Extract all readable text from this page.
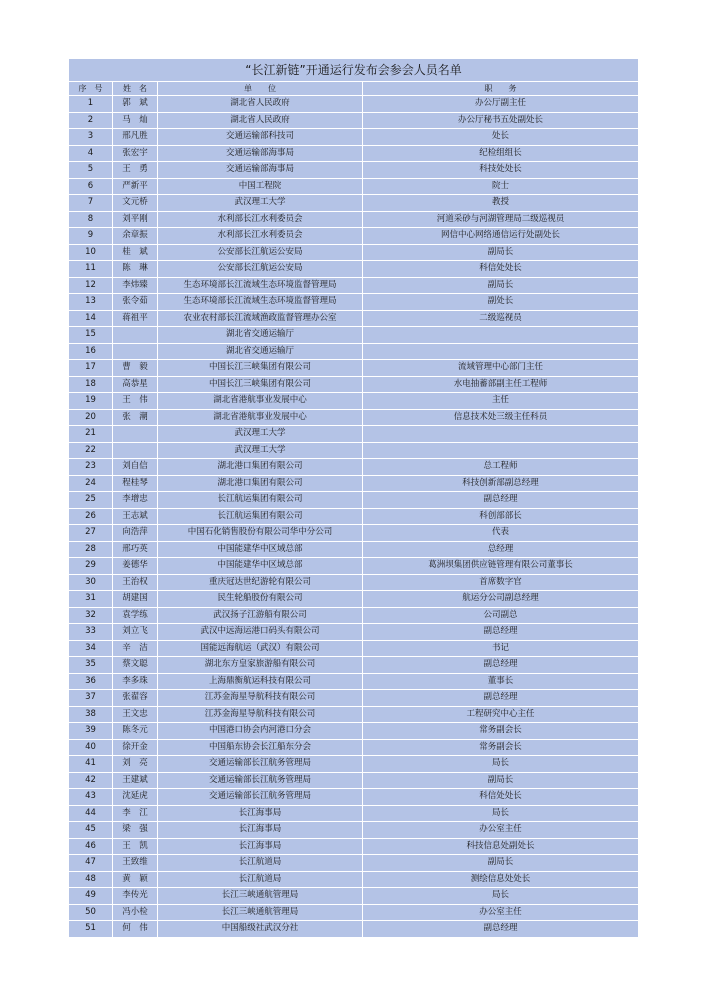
“长江新链”开通运行发布会参会人员名单			
序　号	姓　名	单　　位	职　　务
1	郭　斌	湖北省人民政府	办公厅副主任
2	马　灿	湖北省人民政府	办公厅秘书五处副处长
3	邢凡胜	交通运输部科技司	处长
4	张宏宇	交通运输部海事局	纪检组组长
5	王　勇	交通运输部海事局	科技处处长
6	严新平	中国工程院	院士
7	文元桥	武汉理工大学	教授
8	刘平刚	水利部长江水利委员会	河道采砂与河湖管理局二级巡视员
9	余章振	水利部长江水利委员会	网信中心网络通信运行处副处长
10	桂　斌	公安部长江航运公安局	副局长
11	陈　琳	公安部长江航运公安局	科信处处长
12	李炜臻	生态环境部长江流域生态环境监督管理局	副局长
13	张令茹	生态环境部长江流域生态环境监督管理局	副处长
14	蒋祖平	农业农村部长江流域渔政监督管理办公室	二级巡视员
15		湖北省交通运输厅	
16		湖北省交通运输厅	
17	曹　毅	中国长江三峡集团有限公司	流域管理中心部门主任
18	高恭星	中国长江三峡集团有限公司	水电抽蓄部副主任工程师
19	王　伟	湖北省港航事业发展中心	主任
20	张　潮	湖北省港航事业发展中心	信息技术处三级主任科员
21		武汉理工大学	
22		武汉理工大学	
23	刘自信	湖北港口集团有限公司	总工程师
24	程桂琴	湖北港口集团有限公司	科技创新部副总经理
25	李增忠	长江航运集团有限公司	副总经理
26	王志斌	长江航运集团有限公司	科创部部长
27	向浩萍	中国石化销售股份有限公司华中分公司	代表
28	邢巧英	中国能建华中区域总部	总经理
29	姜德华	中国能建华中区域总部	葛洲坝集团供应链管理有限公司董事长
30	王治权	重庆冠达世纪游轮有限公司	首席数字官
31	胡建国	民生轮船股份有限公司	航运分公司副总经理
32	袁学练	武汉扬子江游船有限公司	公司副总
33	刘立飞	武汉中远海运港口码头有限公司	副总经理
34	辛　洁	国能远海航运（武汉）有限公司	书记
35	蔡文聪	湖北东方皇家旅游船有限公司	副总经理
36	李多珠	上海鼎衡航运科技有限公司	董事长
37	张翟容	江苏金海星导航科技有限公司	副总经理
38	王文忠	江苏金海星导航科技有限公司	工程研究中心主任
39	陈冬元	中国港口协会内河港口分会	常务副会长
40	徐开金	中国船东协会长江船东分会	常务副会长
41	刘　亮	交通运输部长江航务管理局	局长
42	王建斌	交通运输部长江航务管理局	副局长
43	沈延虎	交通运输部长江航务管理局	科信处处长
44	李　江	长江海事局	局长
45	梁　强	长江海事局	办公室主任
46	王　凯	长江海事局	科技信息处副处长
47	王致维	长江航道局	副局长
48	黄　颖	长江航道局	测绘信息处处长
49	李传光	长江三峡通航管理局	局长
50	冯小检	长江三峡通航管理局	办公室主任
51	何　伟	中国船级社武汉分社	副总经理
